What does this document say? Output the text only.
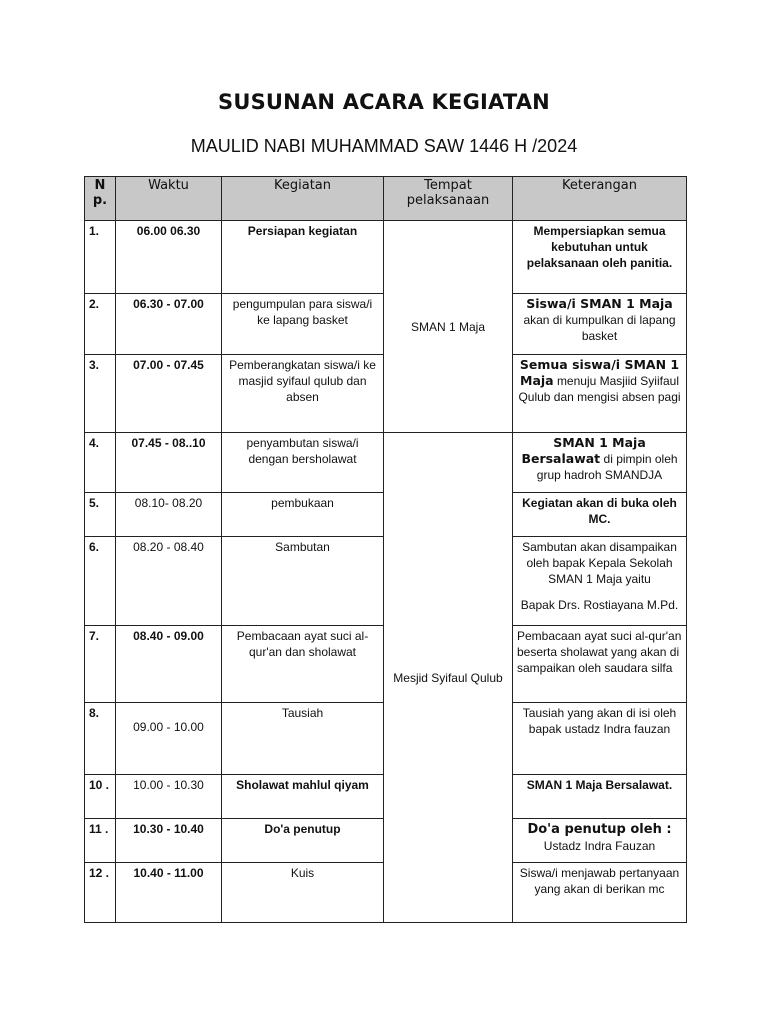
SUSUNAN ACARA KEGIATAN
MAULID NABI MUHAMMAD SAW 1446 H /2024
N p.	Waktu	Kegiatan	Tempat pelaksanaan	Keterangan
1.	06.00 06.30	Persiapan kegiatan	SMAN 1 Maja	Mempersiapkan semua kebutuhan untuk pelaksanaan oleh panitia.
2.	06.30 - 07.00	pengumpulan para siswa/i ke lapang basket		Siswa/i SMAN 1 Maja akan di kumpulkan di lapang basket
3.	07.00 - 07.45	Pemberangkatan siswa/i ke masjid syifaul qulub dan absen		Semua siswa/i SMAN 1 Maja menuju Masjiid Syiifaul Qulub dan mengisi absen pagi
4.	07.45 - 08..10	penyambutan siswa/i dengan bersholawat	Mesjid Syifaul Qulub	SMAN 1 Maja Bersalawat di pimpin oleh grup hadroh SMANDJA
5.	08.10- 08.20	pembukaan		Kegiatan akan di buka oleh MC.
6.	08.20 - 08.40	Sambutan		Sambutan akan disampaikan oleh bapak Kepala Sekolah SMAN 1 Maja yaitu
Bapak Drs. Rostiayana M.Pd.
7.	08.40 - 09.00	Pembacaan ayat suci al-qur'an dan sholawat		Pembacaan ayat suci al-qur'an beserta sholawat yang akan di sampaikan oleh saudara silfa
8.	09.00 - 10.00	Tausiah		Tausiah yang akan di isi oleh bapak ustadz Indra fauzan
10 .	10.00 - 10.30	Sholawat mahlul qiyam		SMAN 1 Maja Bersalawat.
11 .	10.30 - 10.40	Do'a penutup		Do'a penutup oleh :
Ustadz Indra Fauzan
12 .	10.40 - 11.00	Kuis		Siswa/i menjawab pertanyaan yang akan di berikan mc
